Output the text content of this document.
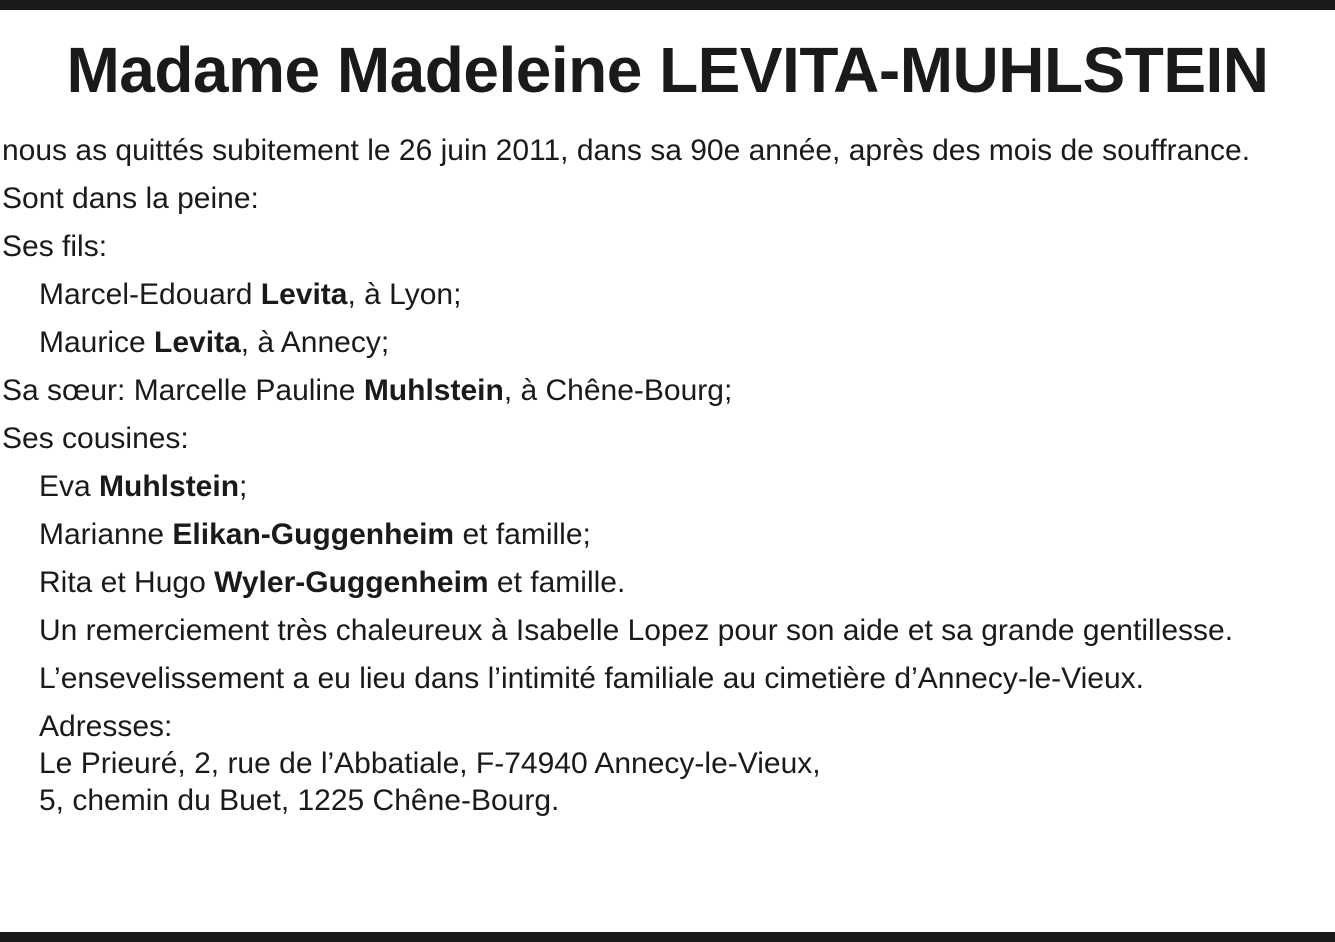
Madame Madeleine LEVITA-MUHLSTEIN
nous as quittés subitement le 26 juin 2011, dans sa 90e année, après des mois de souffrance.
Sont dans la peine:
Ses fils:
Marcel-Edouard Levita, à Lyon;
Maurice Levita, à Annecy;
Sa sœur: Marcelle Pauline Muhlstein, à Chêne-Bourg;
Ses cousines:
Eva Muhlstein;
Marianne Elikan-Guggenheim et famille;
Rita et Hugo Wyler-Guggenheim et famille.
Un remerciement très chaleureux à Isabelle Lopez pour son aide et sa grande gentillesse.
L’ensevelissement a eu lieu dans l’intimité familiale au cimetière d’Annecy-le-Vieux.
Adresses:
Le Prieuré, 2, rue de l’Abbatiale, F-74940 Annecy-le-Vieux,
5, chemin du Buet, 1225 Chêne-Bourg.
